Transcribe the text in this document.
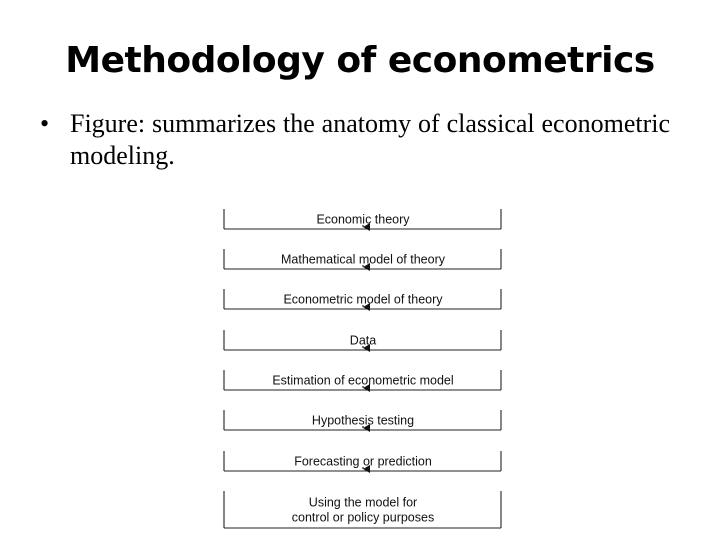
Methodology of econometrics
• Figure: summarizes the anatomy of classical econometric modeling.
Economic theory
Mathematical model of theory
Econometric model of theory
Data
Estimation of econometric model
Hypothesis testing
Forecasting or prediction
Using the model for
control or policy purposes
